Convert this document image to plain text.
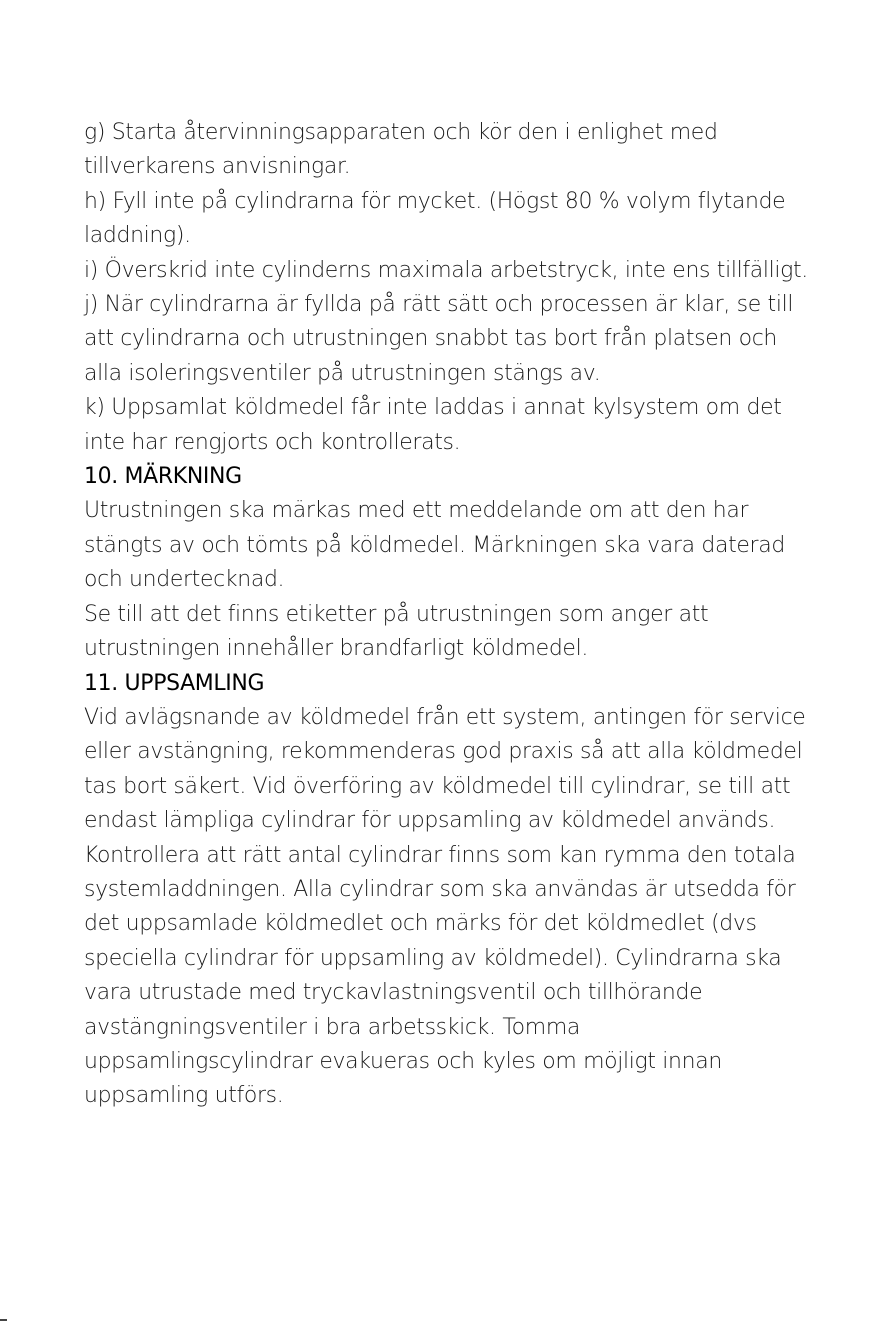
g) Starta återvinningsapparaten och kör den i enlighet med
tillverkarens anvisningar.
h) Fyll inte på cylindrarna för mycket. (Högst 80 % volym flytande
laddning).
i) Överskrid inte cylinderns maximala arbetstryck, inte ens tillfälligt.
j) När cylindrarna är fyllda på rätt sätt och processen är klar, se till
att cylindrarna och utrustningen snabbt tas bort från platsen och
alla isoleringsventiler på utrustningen stängs av.
k) Uppsamlat köldmedel får inte laddas i annat kylsystem om det
inte har rengjorts och kontrollerats.
10. MÄRKNING
Utrustningen ska märkas med ett meddelande om att den har
stängts av och tömts på köldmedel. Märkningen ska vara daterad
och undertecknad.
Se till att det finns etiketter på utrustningen som anger att
utrustningen innehåller brandfarligt köldmedel.
11. UPPSAMLING
Vid avlägsnande av köldmedel från ett system, antingen för service
eller avstängning, rekommenderas god praxis så att alla köldmedel
tas bort säkert. Vid överföring av köldmedel till cylindrar, se till att
endast lämpliga cylindrar för uppsamling av köldmedel används.
Kontrollera att rätt antal cylindrar finns som kan rymma den totala
systemladdningen. Alla cylindrar som ska användas är utsedda för
det uppsamlade köldmedlet och märks för det köldmedlet (dvs
speciella cylindrar för uppsamling av köldmedel). Cylindrarna ska
vara utrustade med tryckavlastningsventil och tillhörande
avstängningsventiler i bra arbetsskick. Tomma
uppsamlingscylindrar evakueras och kyles om möjligt innan
uppsamling utförs.
